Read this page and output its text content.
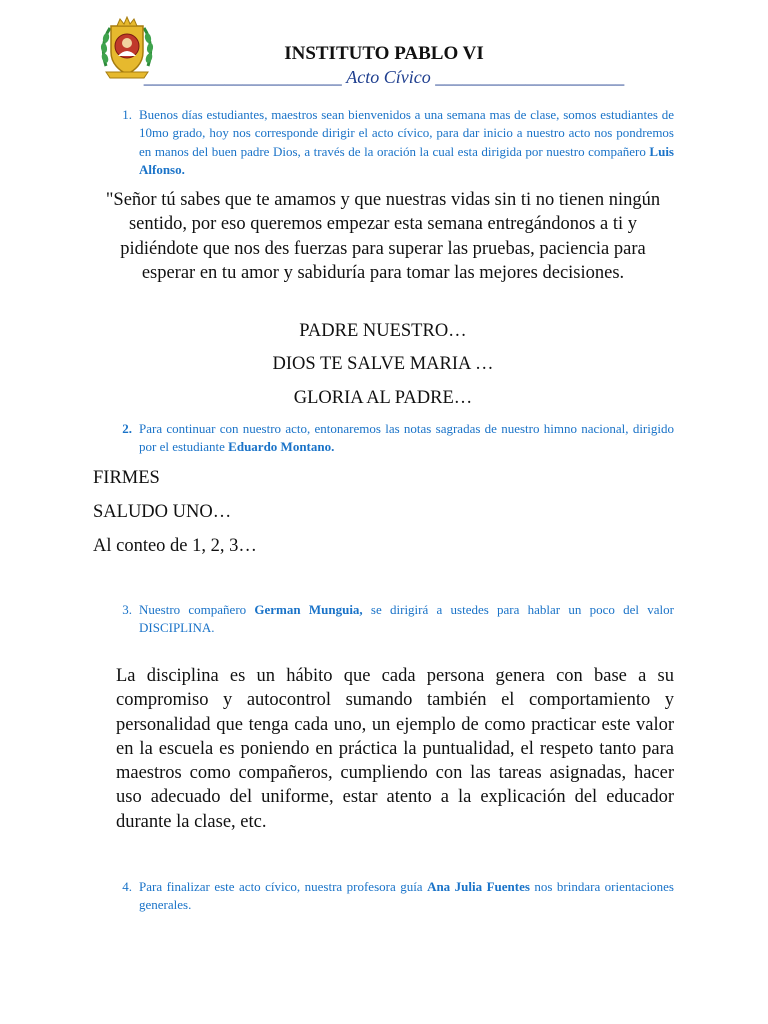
INSTITUTO PABLO VI
______________________ Acto Cívico _____________________
1. Buenos días estudiantes, maestros sean bienvenidos a una semana mas de clase, somos estudiantes de 10mo grado, hoy nos corresponde dirigir el acto cívico, para dar inicio a nuestro acto nos pondremos en manos del buen padre Dios, a través de la oración la cual esta dirigida por nuestro compañero Luis Alfonso.
"Señor tú sabes que te amamos y que nuestras vidas sin ti no tienen ningún sentido, por eso queremos empezar esta semana entregándonos a ti y pidiéndote que nos des fuerzas para superar las pruebas, paciencia para esperar en tu amor y sabiduría para tomar las mejores decisiones.
PADRE NUESTRO…
DIOS TE SALVE MARIA …
GLORIA AL PADRE…
2. Para continuar con nuestro acto, entonaremos las notas sagradas de nuestro himno nacional, dirigido por el estudiante Eduardo Montano.
FIRMES
SALUDO UNO…
Al conteo de 1, 2, 3…
3. Nuestro compañero German Munguia, se dirigirá a ustedes para hablar un poco del valor DISCIPLINA.
La disciplina es un hábito que cada persona genera con base a su compromiso y autocontrol sumando también el comportamiento y personalidad que tenga cada uno, un ejemplo de como practicar este valor en la escuela es poniendo en práctica la puntualidad, el respeto tanto para maestros como compañeros, cumpliendo con las tareas asignadas, hacer uso adecuado del uniforme, estar atento a la explicación del educador durante la clase, etc.
4. Para finalizar este acto cívico, nuestra profesora guía Ana Julia Fuentes nos brindara orientaciones generales.
